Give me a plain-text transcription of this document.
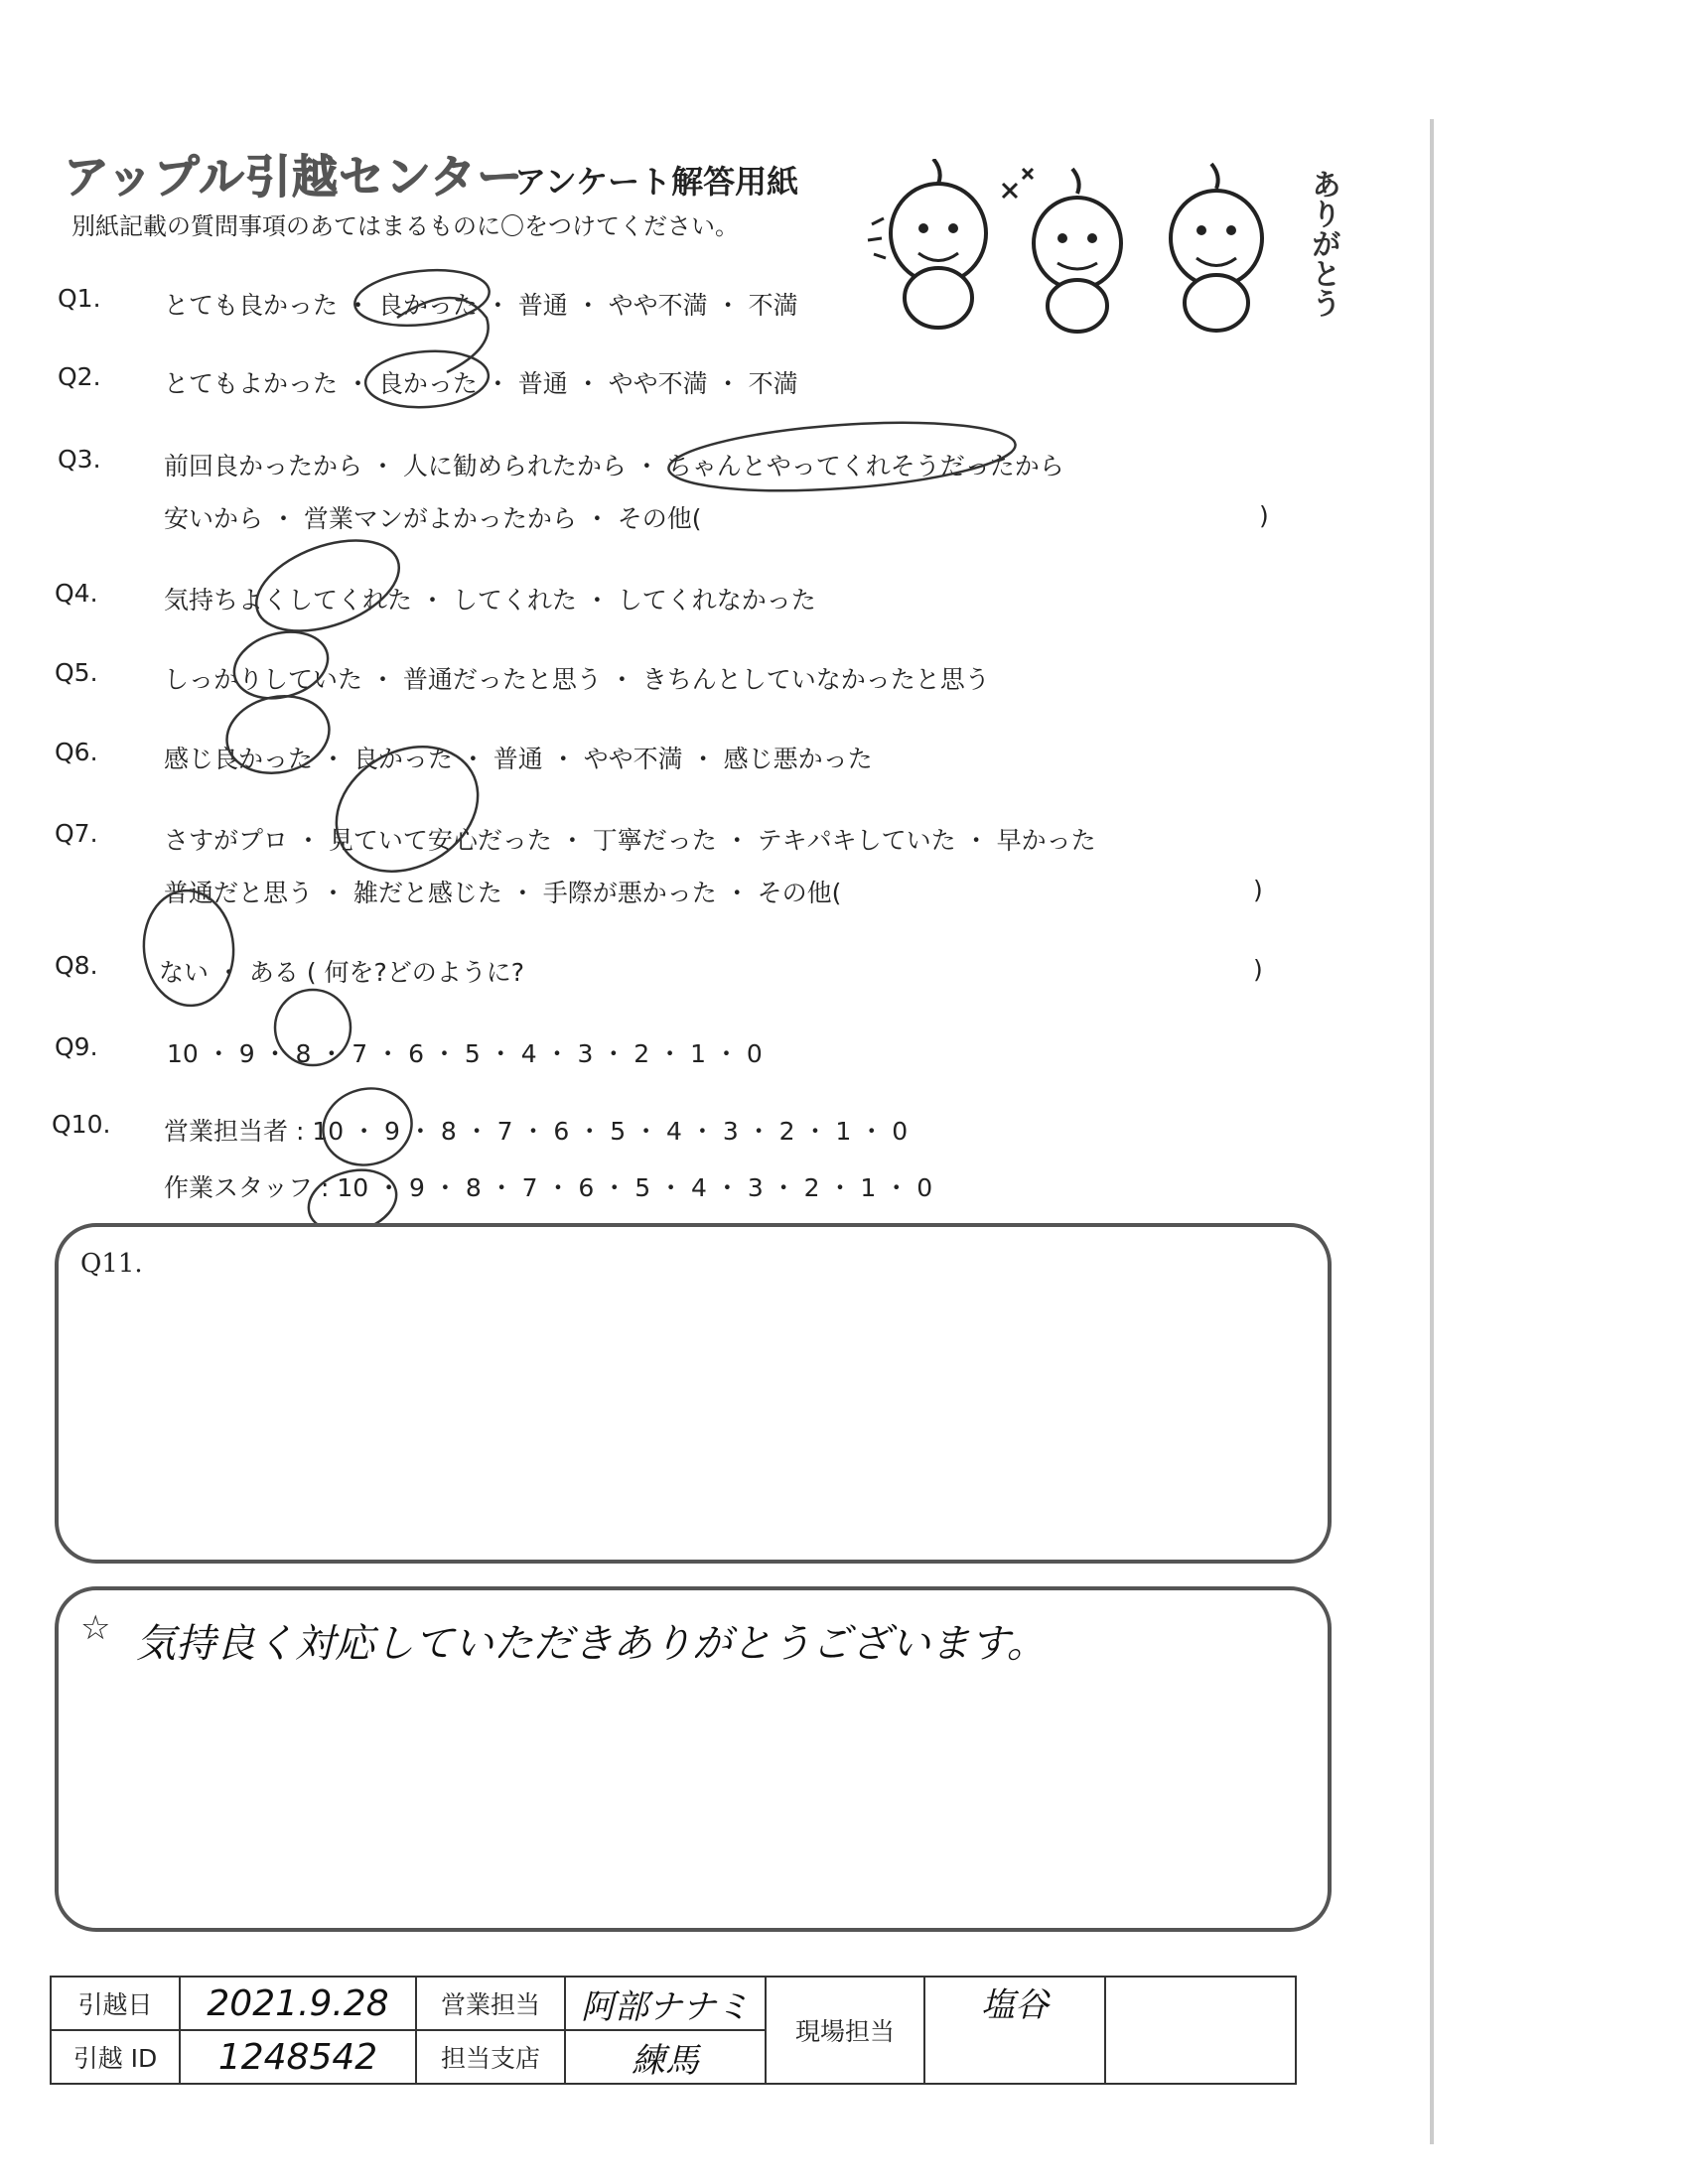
アップル引越センター
アンケート解答用紙
別紙記載の質問事項のあてはまるものに〇をつけてください。	ありがとう
Q1.	とても良かった ・ 良かった ・ 普通 ・ やや不満 ・ 不満
Q2.	とてもよかった ・ 良かった ・ 普通 ・ やや不満 ・ 不満
Q3.	前回良かったから ・ 人に勧められたから ・ ちゃんとやってくれそうだったから
安いから ・ 営業マンがよかったから ・ その他(	)
Q4.	気持ちよくしてくれた ・ してくれた ・ してくれなかった
Q5.	しっかりしていた ・ 普通だったと思う ・ きちんとしていなかったと思う
Q6.	感じ良かった ・ 良かった ・ 普通 ・ やや不満 ・ 感じ悪かった
Q7.	さすがプロ ・ 見ていて安心だった ・ 丁寧だった ・ テキパキしていた ・ 早かった
普通だと思う ・ 雑だと感じた ・ 手際が悪かった ・ その他(	)
Q8. ない ・ ある ( 何を?どのように?	)
Q9.	10 ・ 9 ・ 8 ・ 7 ・ 6 ・ 5 ・ 4 ・ 3 ・ 2 ・ 1 ・ 0
Q10. 営業担当者 : 10 ・ 9 ・ 8 ・ 7 ・ 6 ・ 5 ・ 4 ・ 3 ・ 2 ・ 1 ・ 0
作業スタッフ : 10 ・ 9 ・ 8 ・ 7 ・ 6 ・ 5 ・ 4 ・ 3 ・ 2 ・ 1 ・ 0
Q11.
☆ 気持良く対応していただきありがとうございます。
引越日	2021.9.28	営業担当	阿部ナナミ	現場担当	塩谷	
引越 ID	1248542	担当支店	練馬			
